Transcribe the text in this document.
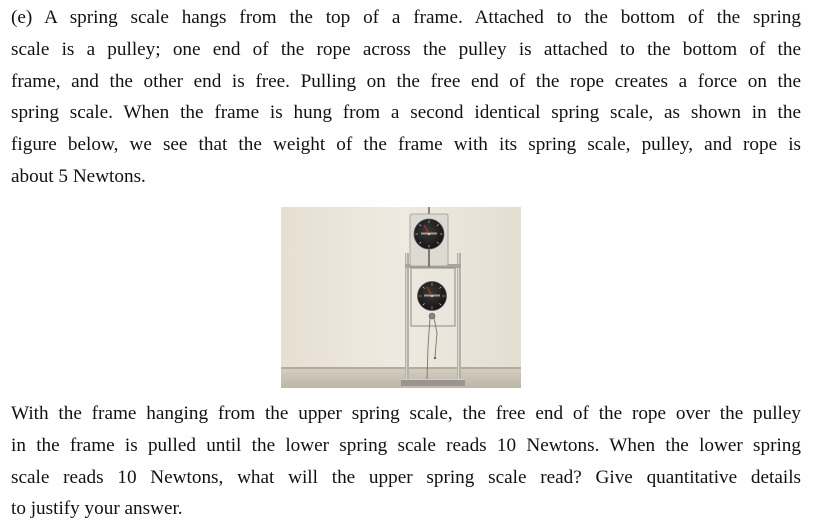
(e) A spring scale hangs from the top of a frame. Attached to the bottom of the spring
scale is a pulley; one end of the rope across the pulley is attached to the bottom of the
frame, and the other end is free. Pulling on the free end of the rope creates a force on the
spring scale. When the frame is hung from a second identical spring scale, as shown in the
figure below, we see that the weight of the frame with its spring scale, pulley, and rope is
about 5 Newtons.
With the frame hanging from the upper spring scale, the free end of the rope over the pulley
in the frame is pulled until the lower spring scale reads 10 Newtons. When the lower spring
scale reads 10 Newtons, what will the upper spring scale read? Give quantitative details
to justify your answer.
